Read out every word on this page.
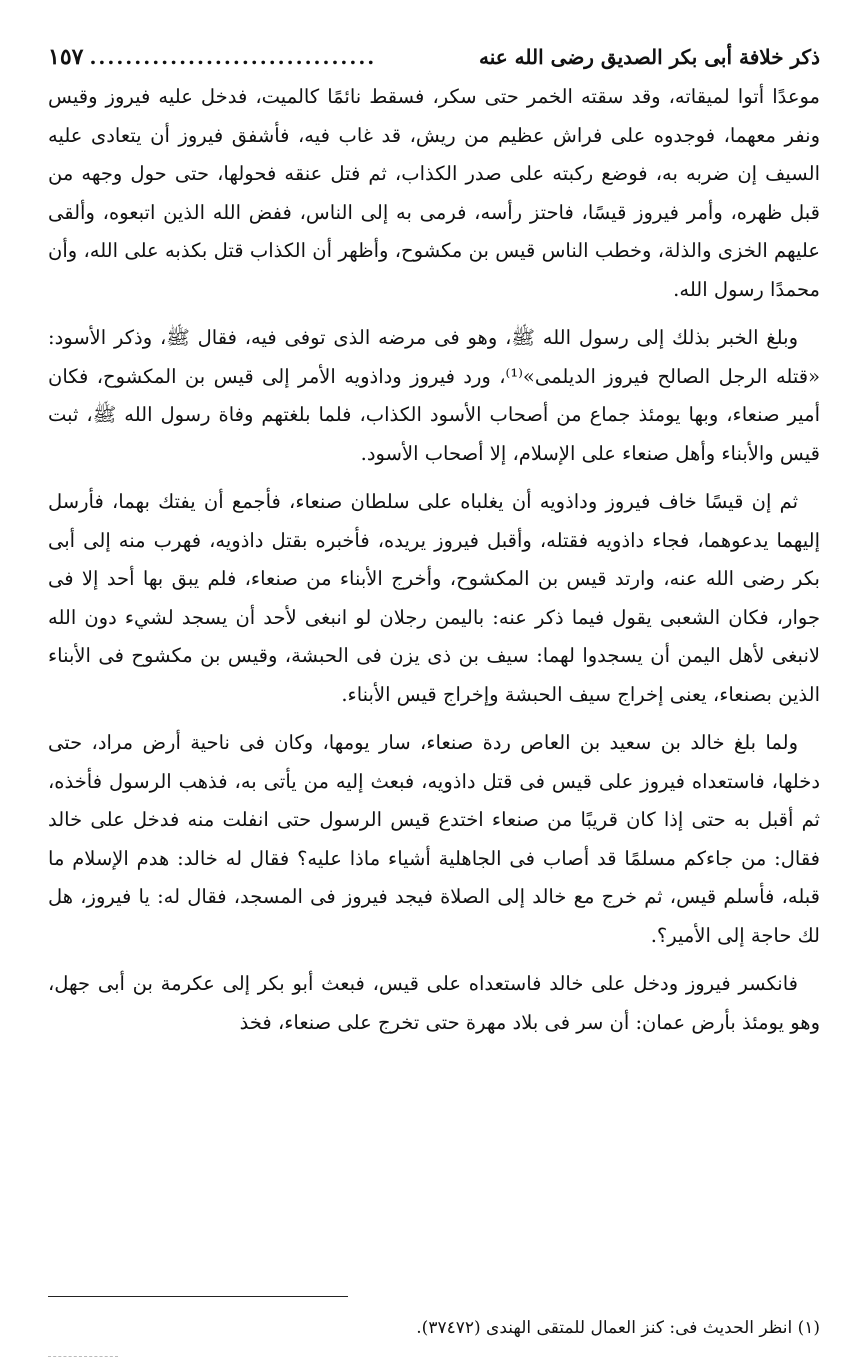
ذكر خلافة أبى بكر الصديق رضى الله عنه
................................
١٥٧

موعدًا أتوا لميقاته، وقد سقته الخمر حتى سكر، فسقط نائمًا كالميت، فدخل عليه فيروز وقيس ونفر معهما، فوجدوه على فراش عظيم من ريش، قد غاب فيه، فأشفق فيروز أن يتعادى عليه السيف إن ضربه به، فوضع ركبته على صدر الكذاب، ثم فتل عنقه فحولها، حتى حول وجهه من قبل ظهره، وأمر فيروز قيسًا، فاحتز رأسه، فرمى به إلى الناس، ففض الله الذين اتبعوه، وألقى عليهم الخزى والذلة، وخطب الناس قيس بن مكشوح، وأظهر أن الكذاب قتل بكذبه على الله، وأن محمدًا رسول الله.

وبلغ الخبر بذلك إلى رسول الله ﷺ، وهو فى مرضه الذى توفى فيه، فقال ﷺ، وذكر الأسود: «قتله الرجل الصالح فيروز الديلمى»⁽¹⁾، ورد فيروز وداذويه الأمر إلى قيس بن المكشوح، فكان أمير صنعاء، وبها يومئذ جماع من أصحاب الأسود الكذاب، فلما بلغتهم وفاة رسول الله ﷺ، ثبت قيس والأبناء وأهل صنعاء على الإسلام، إلا أصحاب الأسود.

ثم إن قيسًا خاف فيروز وداذويه أن يغلباه على سلطان صنعاء، فأجمع أن يفتك بهما، فأرسل إليهما يدعوهما، فجاء داذويه فقتله، وأقبل فيروز يريده، فأخبره بقتل داذويه، فهرب منه إلى أبى بكر رضى الله عنه، وارتد قيس بن المكشوح، وأخرج الأبناء من صنعاء، فلم يبق بها أحد إلا فى جوار، فكان الشعبى يقول فيما ذكر عنه: باليمن رجلان لو انبغى لأحد أن يسجد لشيء دون الله لانبغى لأهل اليمن أن يسجدوا لهما: سيف بن ذى يزن فى الحبشة، وقيس بن مكشوح فى الأبناء الذين بصنعاء، يعنى إخراج سيف الحبشة وإخراج قيس الأبناء.

ولما بلغ خالد بن سعيد بن العاص ردة صنعاء، سار يومها، وكان فى ناحية أرض مراد، حتى دخلها، فاستعداه فيروز على قيس فى قتل داذويه، فبعث إليه من يأتى به، فذهب الرسول فأخذه، ثم أقبل به حتى إذا كان قريبًا من صنعاء اختدع قيس الرسول حتى انفلت منه فدخل على خالد فقال: من جاءكم مسلمًا قد أصاب فى الجاهلية أشياء ماذا عليه؟ فقال له خالد: هدم الإسلام ما قبله، فأسلم قيس، ثم خرج مع خالد إلى الصلاة فيجد فيروز فى المسجد، فقال له: يا فيروز، هل لك حاجة إلى الأمير؟.

فانكسر فيروز ودخل على خالد فاستعداه على قيس، فبعث أبو بكر إلى عكرمة بن أبى جهل، وهو يومئذ بأرض عمان: أن سر فى بلاد مهرة حتى تخرج على صنعاء، فخذ

(١) انظر الحديث فى: كنز العمال للمتقى الهندى (٣٧٤٧٢).
